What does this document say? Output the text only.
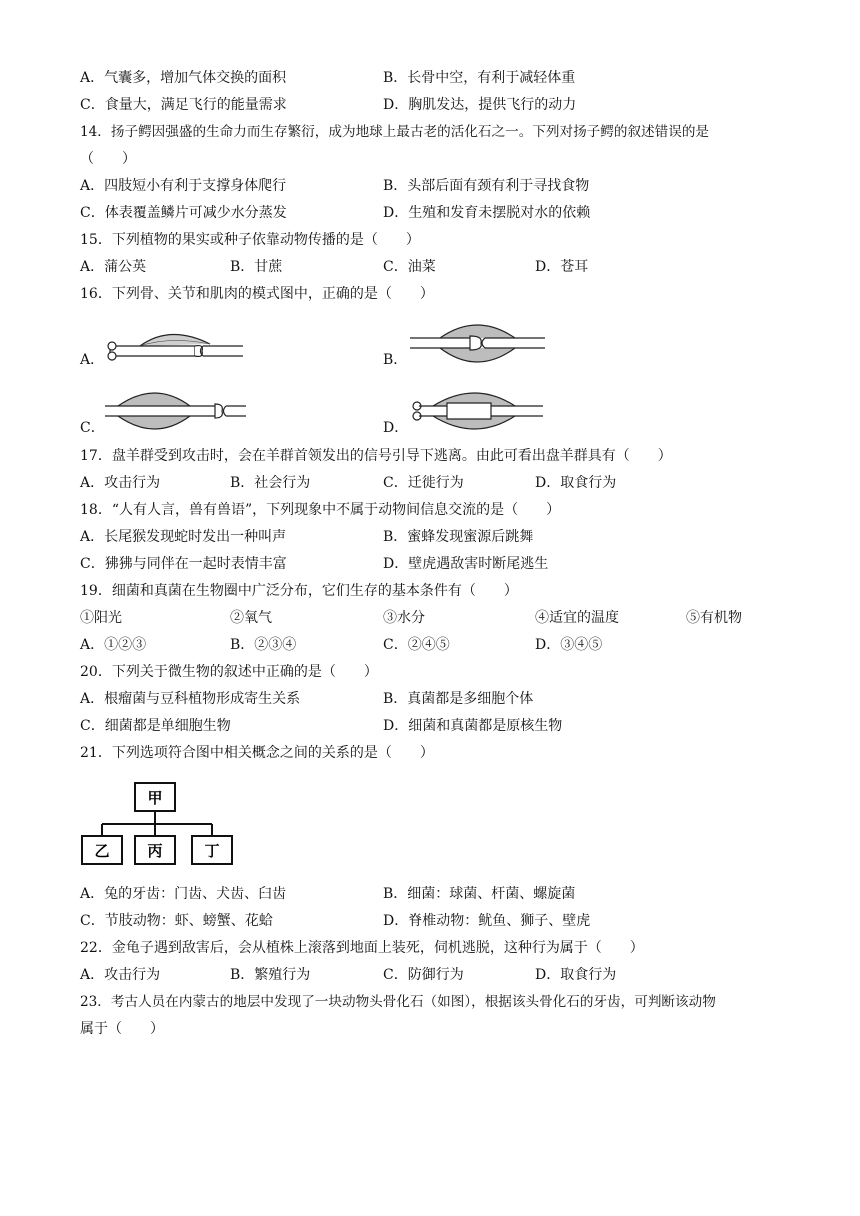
A．气囊多，增加气体交换的面积	B．长骨中空，有利于减轻体重
C．食量大，满足飞行的能量需求	D．胸肌发达，提供飞行的动力
14．扬子鳄因强盛的生命力而生存繁衍，成为地球上最古老的活化石之一。下列对扬子鳄的叙述错误的是
（　　）
A．四肢短小有利于支撑身体爬行	B．头部后面有颈有利于寻找食物
C．体表覆盖鳞片可减少水分蒸发	D．生殖和发育未摆脱对水的依赖
15．下列植物的果实或种子依靠动物传播的是（　　）
A．蒲公英	B．甘蔗	C．油菜	D．苍耳
16．下列骨、关节和肌肉的模式图中，正确的是（　　）
A．	B．
C．	D．
17．盘羊群受到攻击时，会在羊群首领发出的信号引导下逃离。由此可看出盘羊群具有（　　）
A．攻击行为	B．社会行为	C．迁徙行为	D．取食行为
18．“人有人言，兽有兽语”，下列现象中不属于动物间信息交流的是（　　）
A．长尾猴发现蛇时发出一种叫声	B．蜜蜂发现蜜源后跳舞
C．狒狒与同伴在一起时表情丰富	D．壁虎遇敌害时断尾逃生
19．细菌和真菌在生物圈中广泛分布，它们生存的基本条件有（　　）
①阳光	②氧气	③水分	④适宜的温度	⑤有机物
A．①②③	B．②③④	C．②④⑤	D．③④⑤
20．下列关于微生物的叙述中正确的是（　　）
A．根瘤菌与豆科植物形成寄生关系	B．真菌都是多细胞个体
C．细菌都是单细胞生物	D．细菌和真菌都是原核生物
21．下列选项符合图中相关概念之间的关系的是（　　）
甲
乙	丙	丁
A．兔的牙齿：门齿、犬齿、臼齿	B．细菌：球菌、杆菌、螺旋菌
C．节肢动物：虾、螃蟹、花蛤	D．脊椎动物：鱿鱼、狮子、壁虎
22．金龟子遇到敌害后，会从植株上滚落到地面上装死，伺机逃脱，这种行为属于（　　）
A．攻击行为	B．繁殖行为	C．防御行为	D．取食行为
23．考古人员在内蒙古的地层中发现了一块动物头骨化石（如图），根据该头骨化石的牙齿，可判断该动物
属于（　　）
